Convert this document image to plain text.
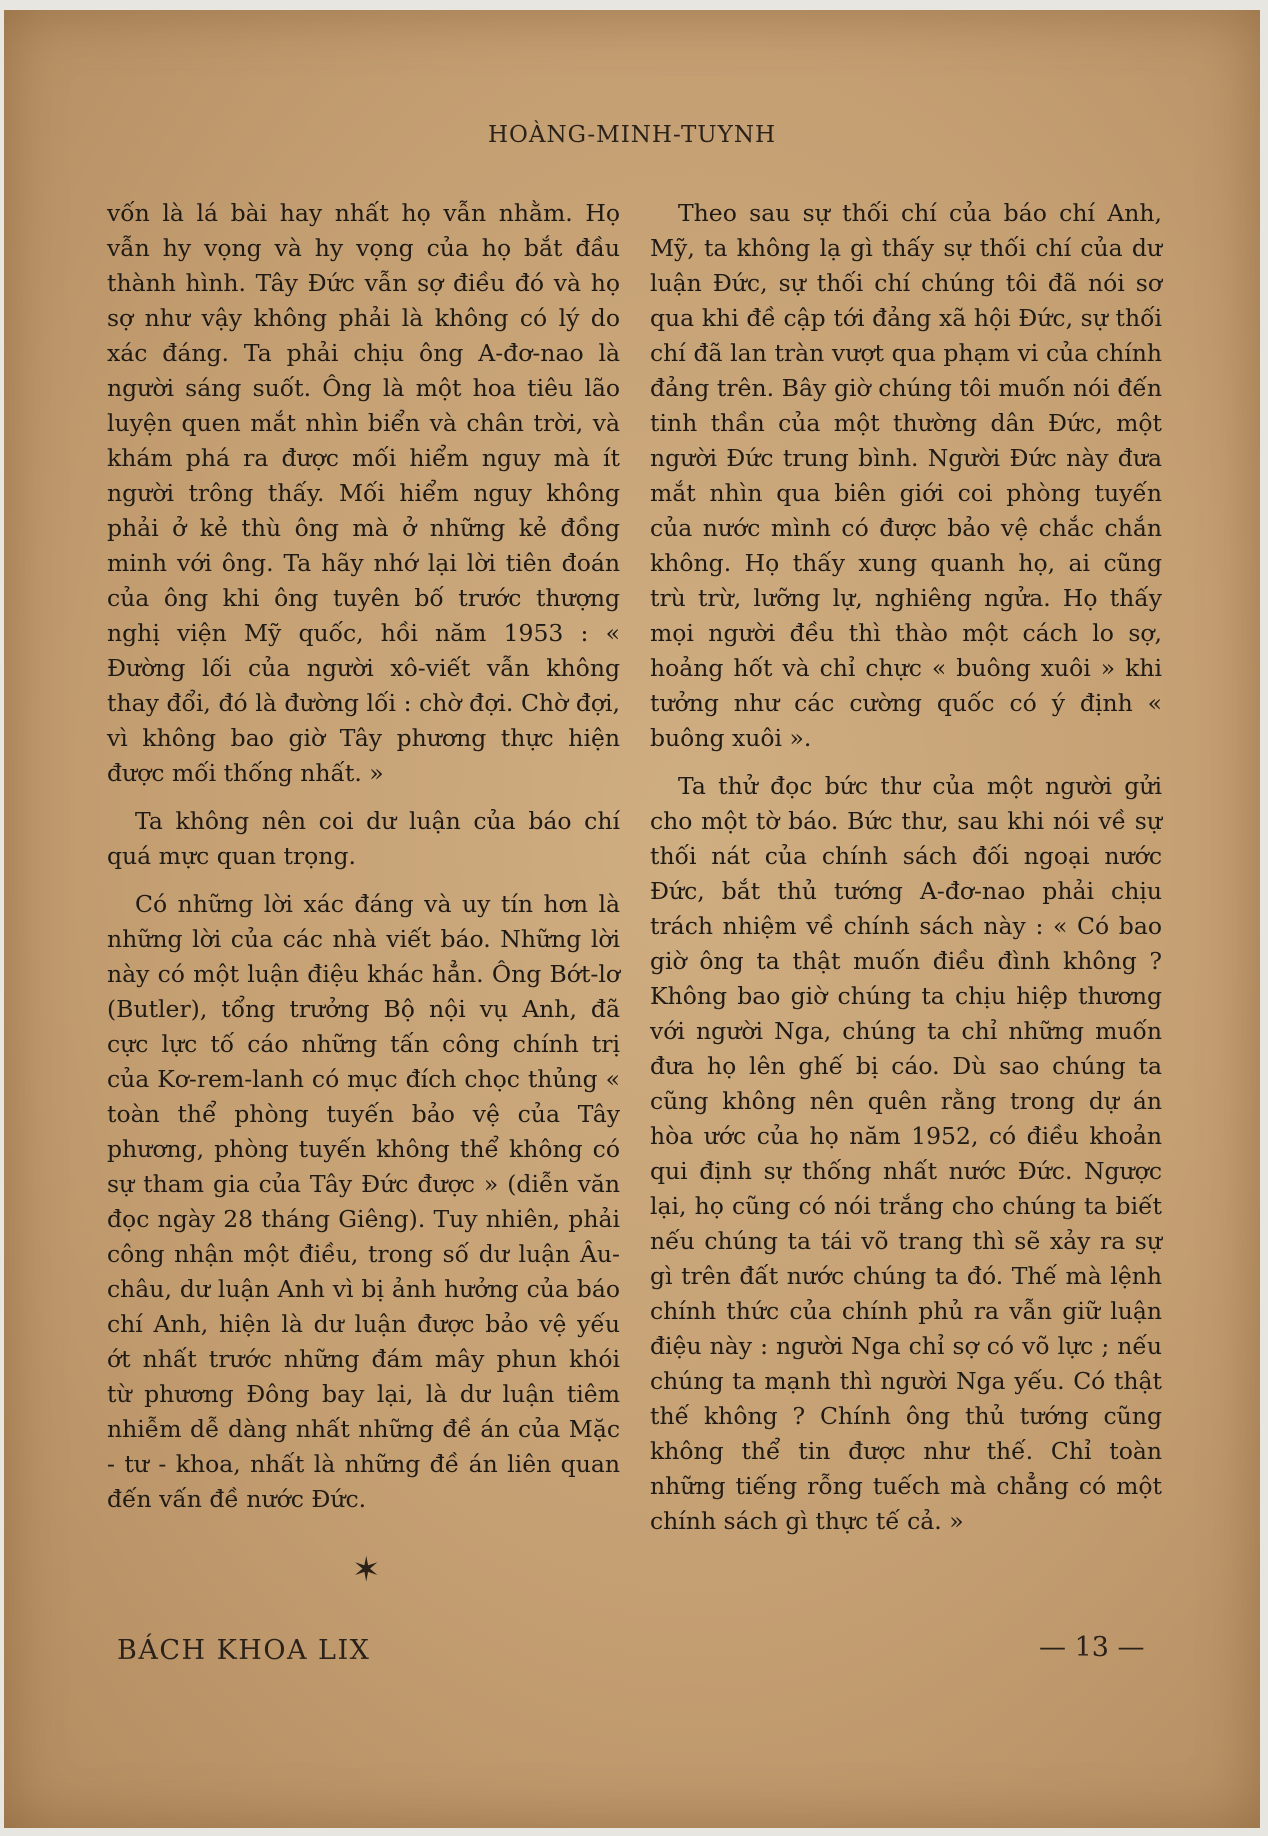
HOÀNG-MINH-TUYNH

vốn là lá bài hay nhất họ vẫn nhằm. Họ vẫn hy vọng và hy vọng của họ bắt đầu thành hình. Tây Đức vẫn sợ điều đó và họ sợ như vậy không phải là không có lý do xác đáng. Ta phải chịu ông A-đơ-nao là người sáng suốt. Ông là một hoa tiêu lão luyện quen mắt nhìn biển và chân trời, và khám phá ra được mối hiểm nguy mà ít người trông thấy. Mối hiểm nguy không phải ở kẻ thù ông mà ở những kẻ đồng minh với ông. Ta hãy nhớ lại lời tiên đoán của ông khi ông tuyên bố trước thượng nghị viện Mỹ quốc, hồi năm 1953 : « Đường lối của người xô-viết vẫn không thay đổi, đó là đường lối : chờ đợi. Chờ đợi, vì không bao giờ Tây phương thực hiện được mối thống nhất. »

Ta không nên coi dư luận của báo chí quá mực quan trọng.

Có những lời xác đáng và uy tín hơn là những lời của các nhà viết báo. Những lời này có một luận điệu khác hẳn. Ông Bớt-lơ (Butler), tổng trưởng Bộ nội vụ Anh, đã cực lực tố cáo những tấn công chính trị của Kơ-rem-lanh có mục đích chọc thủng « toàn thể phòng tuyến bảo vệ của Tây phương, phòng tuyến không thể không có sự tham gia của Tây Đức được » (diễn văn đọc ngày 28 tháng Giêng). Tuy nhiên, phải công nhận một điều, trong số dư luận Âu-châu, dư luận Anh vì bị ảnh hưởng của báo chí Anh, hiện là dư luận được bảo vệ yếu ớt nhất trước những đám mây phun khói từ phương Đông bay lại, là dư luận tiêm nhiễm dễ dàng nhất những đề án của Mặc - tư - khoa, nhất là những đề án liên quan đến vấn đề nước Đức.

Theo sau sự thối chí của báo chí Anh, Mỹ, ta không lạ gì thấy sự thối chí của dư luận Đức, sự thối chí chúng tôi đã nói sơ qua khi đề cập tới đảng xã hội Đức, sự thối chí đã lan tràn vượt qua phạm vi của chính đảng trên. Bây giờ chúng tôi muốn nói đến tinh thần của một thường dân Đức, một người Đức trung bình. Người Đức này đưa mắt nhìn qua biên giới coi phòng tuyến của nước mình có được bảo vệ chắc chắn không. Họ thấy xung quanh họ, ai cũng trù trừ, lưỡng lự, nghiêng ngửa. Họ thấy mọi người đều thì thào một cách lo sợ, hoảng hốt và chỉ chực « buông xuôi » khi tưởng như các cường quốc có ý định « buông xuôi ».

Ta thử đọc bức thư của một người gửi cho một tờ báo. Bức thư, sau khi nói về sự thối nát của chính sách đối ngoại nước Đức, bắt thủ tướng A-đơ-nao phải chịu trách nhiệm về chính sách này : « Có bao giờ ông ta thật muốn điều đình không ? Không bao giờ chúng ta chịu hiệp thương với người Nga, chúng ta chỉ những muốn đưa họ lên ghế bị cáo. Dù sao chúng ta cũng không nên quên rằng trong dự án hòa ước của họ năm 1952, có điều khoản qui định sự thống nhất nước Đức. Ngược lại, họ cũng có nói trắng cho chúng ta biết nếu chúng ta tái võ trang thì sẽ xảy ra sự gì trên đất nước chúng ta đó. Thế mà lệnh chính thức của chính phủ ra vẫn giữ luận điệu này : người Nga chỉ sợ có võ lực ; nếu chúng ta mạnh thì người Nga yếu. Có thật thế không ? Chính ông thủ tướng cũng không thể tin được như thế. Chỉ toàn những tiếng rỗng tuếch mà chẳng có một chính sách gì thực tế cả. »

✶
BÁCH KHOA LIX	— 13 —
